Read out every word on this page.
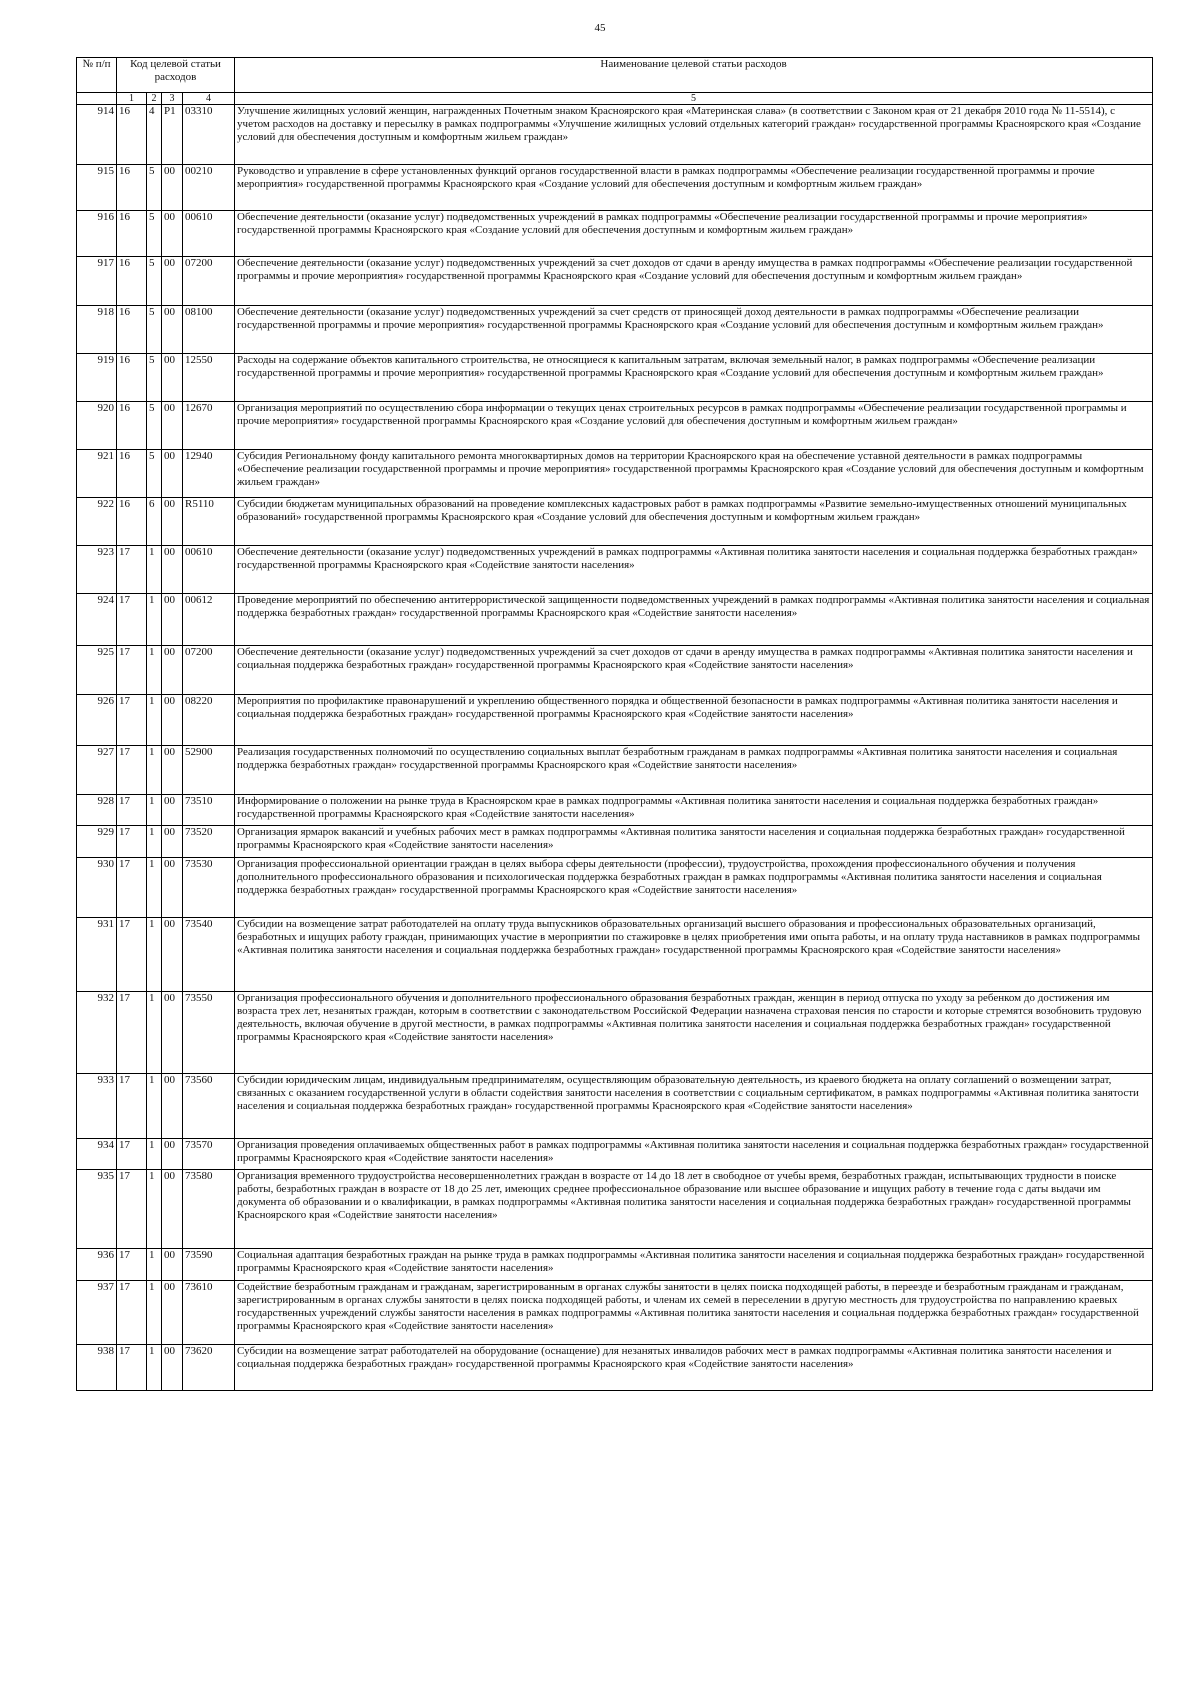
45
№ п/п	Код целевой статьи расходов				Наименование целевой статьи расходов

	1	2	3	4	5
914	16	4	P1	03310	Улучшение жилищных условий женщин, награжденных Почетным знаком Красноярского края «Материнская слава» (в соответствии с Законом края от 21 декабря 2010 года № 11-5514), с учетом расходов на доставку и пересылку в рамках подпрограммы «Улучшение жилищных условий отдельных категорий граждан» государственной программы Красноярского края «Создание условий для обеспечения доступным и комфортным жильем граждан»
915	16	5	00	00210	Руководство и управление в сфере установленных функций органов государственной власти в рамках подпрограммы «Обеспечение реализации государственной программы и прочие мероприятия» государственной программы Красноярского края «Создание условий для обеспечения доступным и комфортным жильем граждан»
916	16	5	00	00610	Обеспечение деятельности (оказание услуг) подведомственных учреждений в рамках подпрограммы «Обеспечение реализации государственной программы и прочие мероприятия» государственной программы Красноярского края «Создание условий для обеспечения доступным и комфортным жильем граждан»
917	16	5	00	07200	Обеспечение деятельности (оказание услуг) подведомственных учреждений за счет доходов от сдачи в аренду имущества в рамках подпрограммы «Обеспечение реализации государственной программы и прочие мероприятия» государственной программы Красноярского края «Создание условий для обеспечения доступным и комфортным жильем граждан»
918	16	5	00	08100	Обеспечение деятельности (оказание услуг) подведомственных учреждений за счет средств от приносящей доход деятельности в рамках подпрограммы «Обеспечение реализации государственной программы и прочие мероприятия» государственной программы Красноярского края «Создание условий для обеспечения доступным и комфортным жильем граждан»
919	16	5	00	12550	Расходы на содержание объектов капитального строительства, не относящиеся к капитальным затратам, включая земельный налог, в рамках подпрограммы «Обеспечение реализации государственной программы и прочие мероприятия» государственной программы Красноярского края «Создание условий для обеспечения доступным и комфортным жильем граждан»
920	16	5	00	12670	Организация мероприятий по осуществлению сбора информации о текущих ценах строительных ресурсов в рамках подпрограммы «Обеспечение реализации государственной программы и прочие мероприятия» государственной программы Красноярского края «Создание условий для обеспечения доступным и комфортным жильем граждан»
921	16	5	00	12940	Субсидия Региональному фонду капитального ремонта многоквартирных домов на территории Красноярского края на обеспечение уставной деятельности в рамках подпрограммы «Обеспечение реализации государственной программы и прочие мероприятия» государственной программы Красноярского края «Создание условий для обеспечения доступным и комфортным жильем граждан»
922	16	6	00	R5110	Субсидии бюджетам муниципальных образований на проведение комплексных кадастровых работ в рамках подпрограммы «Развитие земельно-имущественных отношений муниципальных образований» государственной программы Красноярского края «Создание условий для обеспечения доступным и комфортным жильем граждан»
923	17	1	00	00610	Обеспечение деятельности (оказание услуг) подведомственных учреждений в рамках подпрограммы «Активная политика занятости населения и социальная поддержка безработных граждан» государственной программы Красноярского края «Содействие занятости населения»
924	17	1	00	00612	Проведение мероприятий по обеспечению антитеррористической защищенности подведомственных учреждений в рамках подпрограммы «Активная политика занятости населения и социальная поддержка безработных граждан» государственной программы Красноярского края «Содействие занятости населения»
925	17	1	00	07200	Обеспечение деятельности (оказание услуг) подведомственных учреждений за счет доходов от сдачи в аренду имущества в рамках подпрограммы «Активная политика занятости населения и социальная поддержка безработных граждан» государственной программы Красноярского края «Содействие занятости населения»
926	17	1	00	08220	Мероприятия по профилактике правонарушений и укреплению общественного порядка и общественной безопасности в рамках подпрограммы «Активная политика занятости населения и социальная поддержка безработных граждан» государственной программы Красноярского края «Содействие занятости населения»
927	17	1	00	52900	Реализация государственных полномочий по осуществлению социальных выплат безработным гражданам в рамках подпрограммы «Активная политика занятости населения и социальная поддержка безработных граждан» государственной программы Красноярского края «Содействие занятости населения»
928	17	1	00	73510	Информирование о положении на рынке труда в Красноярском крае в рамках подпрограммы «Активная политика занятости населения и социальная поддержка безработных граждан» государственной программы Красноярского края «Содействие занятости населения»
929	17	1	00	73520	Организация ярмарок вакансий и учебных рабочих мест в рамках подпрограммы «Активная политика занятости населения и социальная поддержка безработных граждан» государственной программы Красноярского края «Содействие занятости населения»
930	17	1	00	73530	Организация профессиональной ориентации граждан в целях выбора сферы деятельности (профессии), трудоустройства, прохождения профессионального обучения и получения дополнительного профессионального образования и психологическая поддержка безработных граждан в рамках подпрограммы «Активная политика занятости населения и социальная поддержка безработных граждан» государственной программы Красноярского края «Содействие занятости населения»
931	17	1	00	73540	Субсидии на возмещение затрат работодателей на оплату труда выпускников образовательных организаций высшего образования и профессиональных образовательных организаций, безработных и ищущих работу граждан, принимающих участие в мероприятии по стажировке в целях приобретения ими опыта работы, и на оплату труда наставников в рамках подпрограммы «Активная политика занятости населения и социальная поддержка безработных граждан» государственной программы Красноярского края «Содействие занятости населения»
932	17	1	00	73550	Организация профессионального обучения и дополнительного профессионального образования безработных граждан, женщин в период отпуска по уходу за ребенком до достижения им возраста трех лет, незанятых граждан, которым в соответствии с законодательством Российской Федерации назначена страховая пенсия по старости и которые стремятся возобновить трудовую деятельность, включая обучение в другой местности, в рамках подпрограммы «Активная политика занятости населения и социальная поддержка безработных граждан» государственной программы Красноярского края «Содействие занятости населения»
933	17	1	00	73560	Субсидии юридическим лицам, индивидуальным предпринимателям, осуществляющим образовательную деятельность, из краевого бюджета на оплату соглашений о возмещении затрат, связанных с оказанием государственной услуги в области содействия занятости населения в соответствии с социальным сертификатом, в рамках подпрограммы «Активная политика занятости населения и социальная поддержка безработных граждан» государственной программы Красноярского края «Содействие занятости населения»
934	17	1	00	73570	Организация проведения оплачиваемых общественных работ в рамках подпрограммы «Активная политика занятости населения и социальная поддержка безработных граждан» государственной программы Красноярского края «Содействие занятости населения»
935	17	1	00	73580	Организация временного трудоустройства несовершеннолетних граждан в возрасте от 14 до 18 лет в свободное от учебы время, безработных граждан, испытывающих трудности в поиске работы, безработных граждан в возрасте от 18 до 25 лет, имеющих среднее профессиональное образование или высшее образование и ищущих работу в течение года с даты выдачи им документа об образовании и о квалификации, в рамках подпрограммы «Активная политика занятости населения и социальная поддержка безработных граждан» государственной программы Красноярского края «Содействие занятости населения»
936	17	1	00	73590	Социальная адаптация безработных граждан на рынке труда в рамках подпрограммы «Активная политика занятости населения и социальная поддержка безработных граждан» государственной программы Красноярского края «Содействие занятости населения»
937	17	1	00	73610	Содействие безработным гражданам и гражданам, зарегистрированным в органах службы занятости в целях поиска подходящей работы, в переезде и безработным гражданам и гражданам, зарегистрированным в органах службы занятости в целях поиска подходящей работы, и членам их семей в переселении в другую местность для трудоустройства по направлению краевых государственных учреждений службы занятости населения в рамках подпрограммы «Активная политика занятости населения и социальная поддержка безработных граждан» государственной программы Красноярского края «Содействие занятости населения»
938	17	1	00	73620	Субсидии на возмещение затрат работодателей на оборудование (оснащение) для незанятых инвалидов рабочих мест в рамках подпрограммы «Активная политика занятости населения и социальная поддержка безработных граждан» государственной программы Красноярского края «Содействие занятости населения»
